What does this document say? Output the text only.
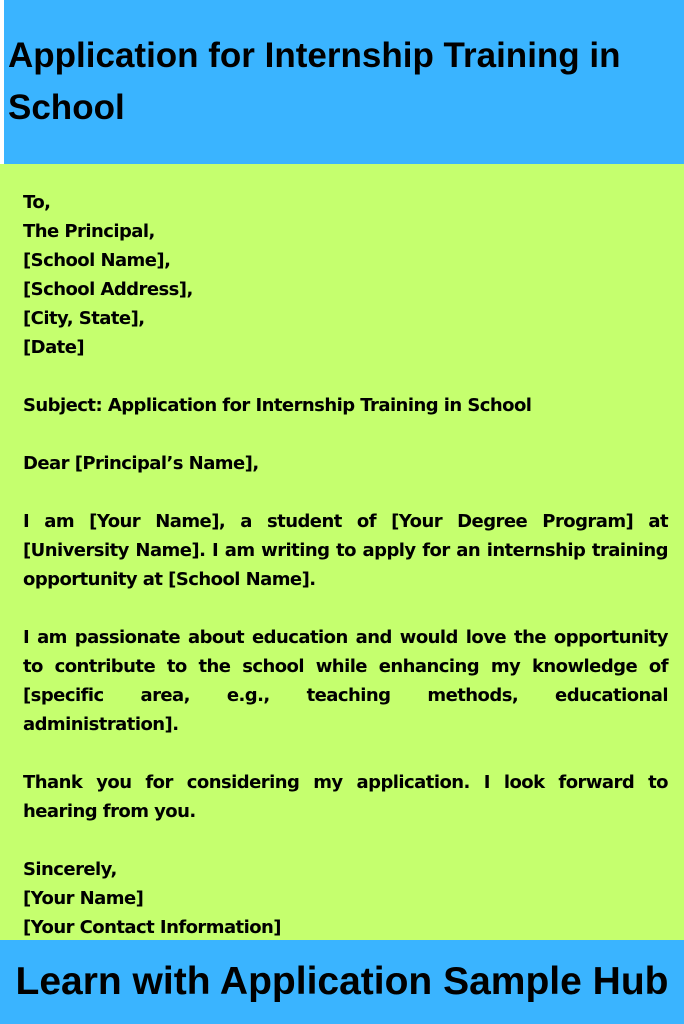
Application for Internship Training in School
To,
The Principal,
[School Name],
[School Address],
[City, State],
[Date]
Subject: Application for Internship Training in School
Dear [Principal’s Name],
I am [Your Name], a student of [Your Degree Program] at [University Name]. I am writing to apply for an internship training opportunity at [School Name].
I am passionate about education and would love the opportunity to contribute to the school while enhancing my knowledge of [specific area, e.g., teaching methods, educational administration].
Thank you for considering my application. I look forward to hearing from you.
Sincerely,
[Your Name]
[Your Contact Information]
Learn with Application Sample Hub
